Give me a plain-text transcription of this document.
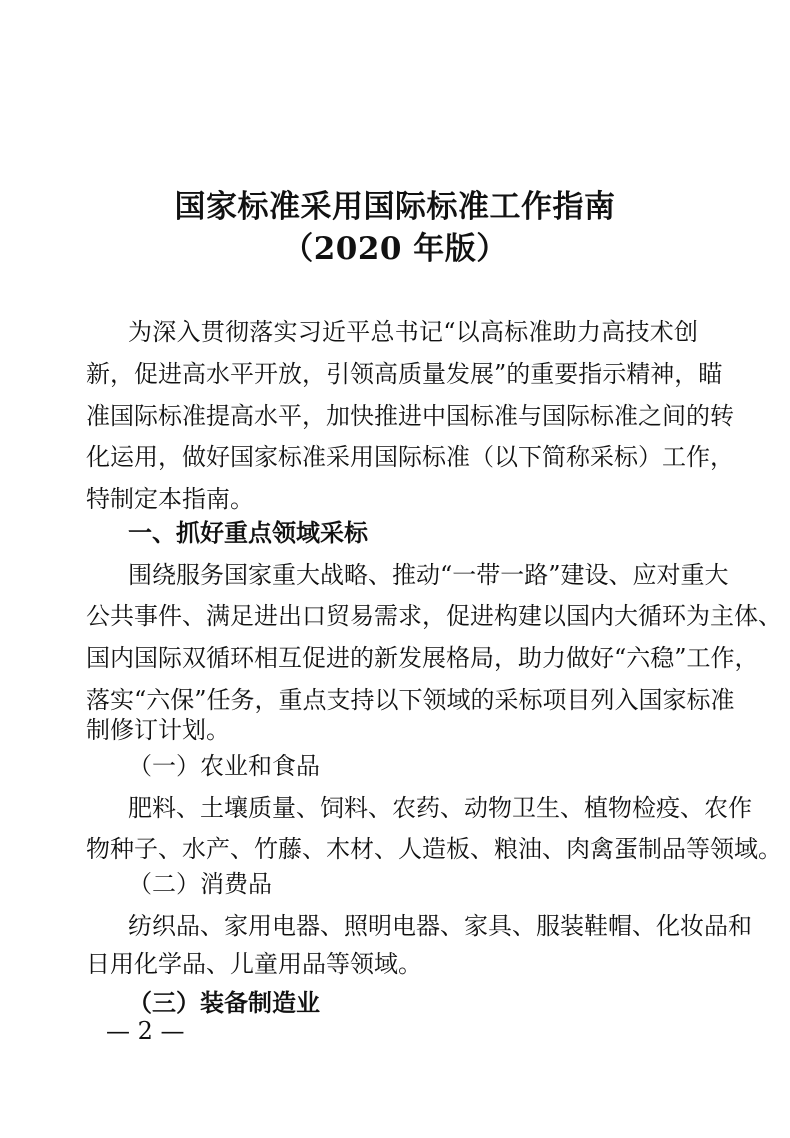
国家标准采用国际标准工作指南
（2020 年版）
为深入贯彻落实习近平总书记“以高标准助力高技术创
新，促进高水平开放，引领高质量发展”的重要指示精神，瞄
准国际标准提高水平，加快推进中国标准与国际标准之间的转
化运用，做好国家标准采用国际标准（以下简称采标）工作，
特制定本指南。
一、抓好重点领域采标
围绕服务国家重大战略、推动“一带一路”建设、应对重大
公共事件、满足进出口贸易需求，促进构建以国内大循环为主体、
国内国际双循环相互促进的新发展格局，助力做好“六稳”工作，
落实“六保”任务，重点支持以下领域的采标项目列入国家标准
制修订计划。
（一）农业和食品
肥料、土壤质量、饲料、农药、动物卫生、植物检疫、农作
物种子、水产、竹藤、木材、人造板、粮油、肉禽蛋制品等领域。
（二）消费品
纺织品、家用电器、照明电器、家具、服装鞋帽、化妆品和
日用化学品、儿童用品等领域。
（三）装备制造业
— 2 —
